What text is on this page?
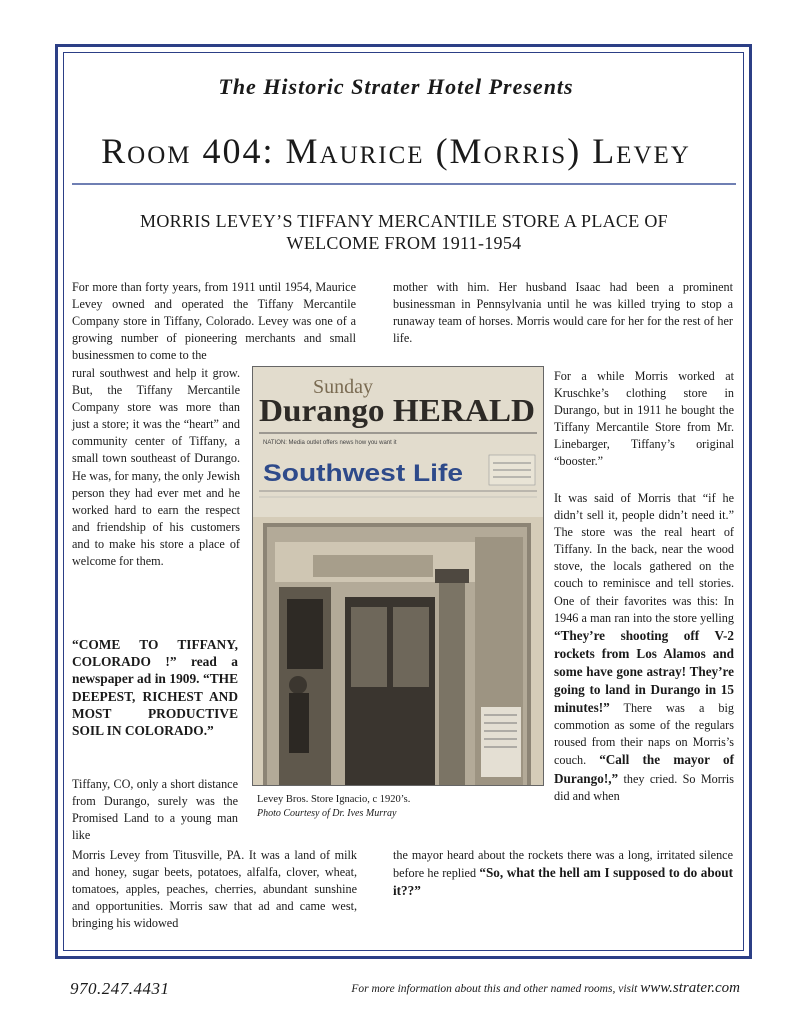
The Historic Strater Hotel Presents
Room 404: Maurice (Morris) Levey
MORRIS LEVEY’S TIFFANY MERCANTILE STORE A PLACE OF WELCOME FROM 1911-1954

For more than forty years, from 1911 until 1954, Maurice Levey owned and operated the Tiffany Mercantile Company store in Tiffany, Colorado. Levey was one of a growing number of pioneering merchants and small businessmen to come to the

rural southwest and help it grow. But, the Tiffany Mercantile Company store was more than just a store; it was the “heart” and community center of Tiffany, a small town southeast of Durango. He was, for many, the only Jewish person they had ever met and he worked hard to earn the respect and friendship of his customers and to make his store a place of welcome for them.

“COME TO TIFFANY, COLORADO !” read a newspaper ad in 1909. “THE DEEPEST, RICHEST AND MOST PRODUCTIVE SOIL IN COLORADO.”

Tiffany, CO, only a short distance from Durango, surely was the Promised Land to a young man like

Morris Levey from Titusville, PA. It was a land of milk and honey, sugar beets, potatoes, alfalfa, clover, wheat, tomatoes, apples, peaches, cherries, abundant sunshine and opportunities. Morris saw that ad and came west, bringing his widowed

Sunday
Durango HERALD
NATION: Media outlet offers news how you want it
Southwest Life
Levey Bros. Store Ignacio, c 1920’s.
Photo Courtesy of Dr. Ives Murray

mother with him. Her husband Isaac had been a prominent businessman in Pennsylvania until he was killed trying to stop a runaway team of horses. Morris would care for her for the rest of her life.

For a while Morris worked at Kruschke’s clothing store in Durango, but in 1911 he bought the Tiffany Mercantile Store from Mr. Linebarger, Tiffany’s original “booster.”

It was said of Morris that “if he didn’t sell it, people didn’t need it.” The store was the real heart of Tiffany. In the back, near the wood stove, the locals gathered on the couch to reminisce and tell stories. One of their favorites was this: In 1946 a man ran into the store yelling “They’re shooting off V-2 rockets from Los Alamos and some have gone astray! They’re going to land in Durango in 15 minutes!” There was a big commotion as some of the regulars roused from their naps on Morris’s couch. “Call the mayor of Durango!,” they cried. So Morris did and when

the mayor heard about the rockets there was a long, irritated silence before he replied “So, what the hell am I supposed to do about it??”

970.247.4431	For more information about this and other named rooms, visit www.strater.com
